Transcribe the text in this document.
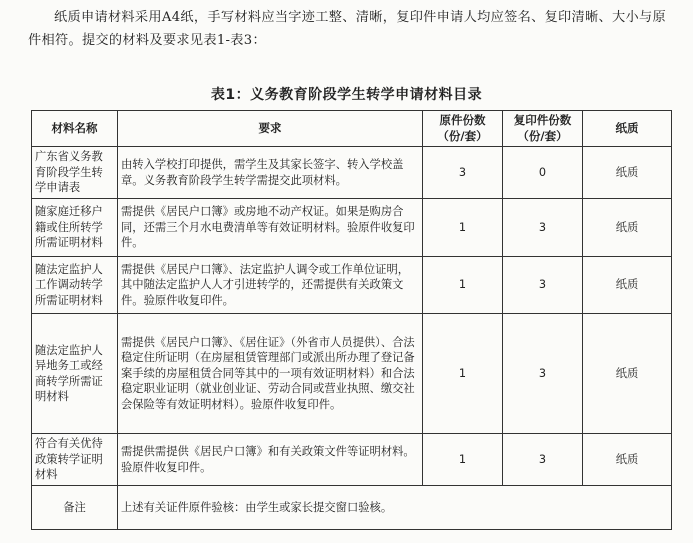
纸质申请材料采用A4纸，手写材料应当字迹工整、清晰，复印件申请人均应签名、复印清晰、大小与原件相符。提交的材料及要求见表1-表3：
表1：义务教育阶段学生转学申请材料目录
材料名称	要求	原件份数（份/套）	复印件份数（份/套）	纸质
广东省义务教育阶段学生转学申请表	由转入学校打印提供，需学生及其家长签字、转入学校盖章。义务教育阶段学生转学需提交此项材料。	3	0	纸质
随家庭迁移户籍或住所转学所需证明材料	需提供《居民户口簿》或房地不动产权证。如果是购房合同，还需三个月水电费清单等有效证明材料。验原件收复印件。	1	3	纸质
随法定监护人工作调动转学所需证明材料	需提供《居民户口簿》、法定监护人调令或工作单位证明，其中随法定监护人人才引进转学的，还需提供有关政策文件。验原件收复印件。	1	3	纸质
随法定监护人异地务工或经商转学所需证明材料	需提供《居民户口簿》、《居住证》（外省市人员提供）、合法稳定住所证明（在房屋租赁管理部门或派出所办理了登记备案手续的房屋租赁合同等其中的一项有效证明材料）和合法稳定职业证明（就业创业证、劳动合同或营业执照、缴交社会保险等有效证明材料）。验原件收复印件。	1	3	纸质
符合有关优待政策转学证明材料	需提供需提供《居民户口簿》和有关政策文件等证明材料。验原件收复印件。	1	3	纸质
备注	上述有关证件原件验核：由学生或家长提交窗口验核。			
